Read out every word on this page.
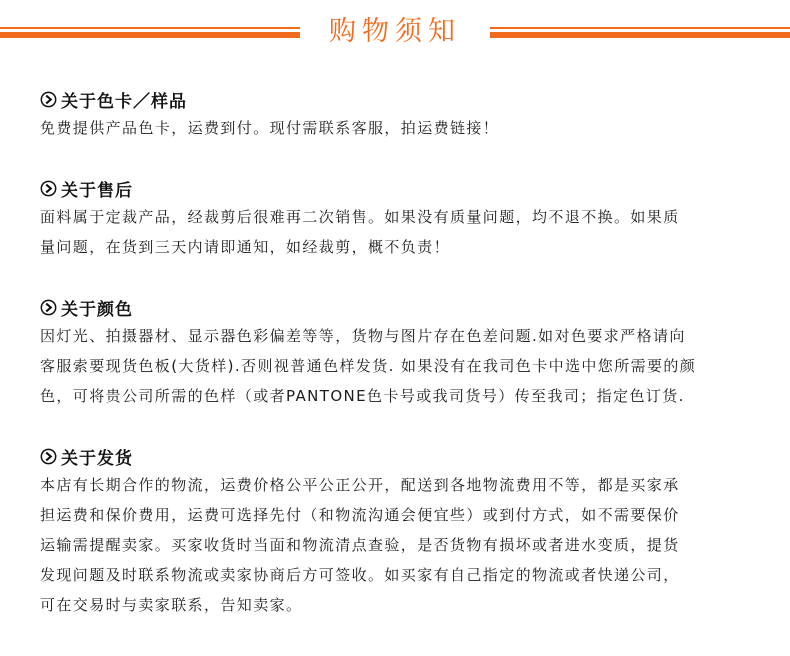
购物须知
关于色卡／样品
免费提供产品色卡，运费到付。现付需联系客服，拍运费链接！
关于售后
面料属于定裁产品，经裁剪后很难再二次销售。如果没有质量问题，均不退不换。如果质
量问题，在货到三天内请即通知，如经裁剪，概不负责！
关于颜色
因灯光、拍摄器材、显示器色彩偏差等等，货物与图片存在色差问题.如对色要求严格请向
客服索要现货色板(大货样).否则视普通色样发货. 如果没有在我司色卡中选中您所需要的颜
色，可将贵公司所需的色样（或者PANTONE色卡号或我司货号）传至我司；指定色订货.
关于发货
本店有长期合作的物流，运费价格公平公正公开，配送到各地物流费用不等，都是买家承
担运费和保价费用，运费可选择先付（和物流沟通会便宜些）或到付方式，如不需要保价
运输需提醒卖家。买家收货时当面和物流清点查验，是否货物有损坏或者进水变质，提货
发现问题及时联系物流或卖家协商后方可签收。如买家有自己指定的物流或者快递公司，
可在交易时与卖家联系，告知卖家。
